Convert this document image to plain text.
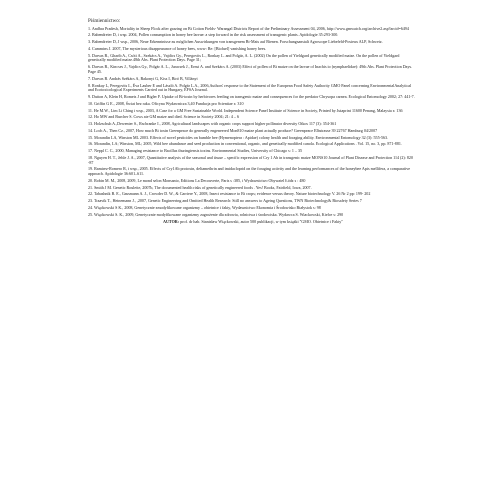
Piśmiennictwo:
1. Andhra Pradesh, Mortality in Sheep Flock after grazing on Bt Cotton Fields- Warangal Districts Report of the Preliminary Assessment 04, 2006, http://www.gmwatch.org/archive2.asp?arcid=6494
2. Babendreier D, i wsp. 2004, Pollen consumption in honey bee larvae: a step forward in the risk assessment of transgenic plants. Apidologie 35:293-300.
3. Babendreier D, J wsp., 2006, Neue Erkenntnisse zu möglichen Auswirkungen von transgenem Bt-Mais auf Bienen. Forschungsanstalt Agroscope Liebefeld-Posieux ALP, Schweiz.
4. Cummins J. 2007, The mysterious disappearance of honey bees, www: Re: [Biofuel] vanishing honey bees.
5. Darvas B., Gharib A., Csóti A., Szekács A., Vajdics Gy., Peregovits L., Ronkay L. and Polgár, A. L. (2002) On the pollen of Yieldgard genetically modified maize. On the pollen of Yieldgard genetically modified maize.48th Abs. Plant Protection Days. Page 31;
6. Darvas B., Kincses J., Vajdics Gy., Polgár A. L., Juracsek J., Ernst A. and Szekács A. (2003) Effect of pollen of Bt maize on the larvae of Inachis io (nymphaelidae): 49th Abs. Plant Protection Days. Page 45.
7. Darvas B. András Székács A, Bakonyi G, Kiss I, Biró B, Villányi
8. Ronkay L, Peregovits L, Éva Lauber E and László A. Polgár L.A., 2006,Authors' response to the Statement of the European Food Safety Authority GMO Panel concerning EnvironmentalAnalytical and Ecotoxicological Experiments Carried out in Hungary, EFSA Journal.
9. Dutton A, Klein H, Romeis J and Bigler F. Uptake of Bt-toxin by herbivores feeding on transgenic maize and consequences for the predator Chrysopa carnea. Ecological Entomology 2002; 27: 441-7.
10. Griffin G E., 2008, Świat bez raka. Oficyna Wydawnicza 3,40 Fundacja pro Scientiae s: 310
11. He M.W., Lim Li Ching i wsp., 2003, A Case for a GM Free Sustainable World. Independent Science Panel Institute of Science in Society, Printed by Jutaprint 11600 Penang, Malaysia s: 136
12. Ho MW and Burcher S. Cows ate GM maize and died. Science in Society 2004; 21: 4 – 6
13. Holzschuh A.,Dewenter S., Rscbranke I., 2008, Agricultural landscapes with organic crops support higher pollinator diversity Oikos 117 (3): 354-361
14. Loch A., Then Cz., 2007, How much Bt toxin Greenpeace do generally engeneered Mon810 maize plant actually produce? Greenpeace Elbstrasse 39 22767 Hamburg 04/2007
15. Morandin LA, Winston ML 2003. Effects of novel pesticides on bumble bee (Hymenoptera : Apidae) colony health and foraging ability. Environmental Entomology 32 (3): 555-563.
16. Morandin, LA; Winston, ML; 2005, Wild bee abundance and seed production in conventional, organic, and genetically modified canola. Ecological Applications . Vol. 15, no. 3, pp. 871-881.
17. Neppl C. C., 2000, Managing resistance to Bacillus thuringiensis toxins. Environmental Studies, University of Chicago s: 1 – 35
18. Nguyen H. T., Jehle J. A., 2007, Quantitative analysis of the seasonal and tissue – specific expression of Cry 1 Ab in transgenic maize MONS10 Journal of Plant Disease and Protection 114 (2): 820 -87
19. Ramirez-Romero R, i wsp., 2005. Effects of Cry1Ab protoxin, deltamethrin and imidacloprid on the foraging activity and the learning performances of the honeybee Apis mellifera, a comparative approach. Apidologie 36:601–611.
20. Robin M. M., 2008, 2009, Le mond selon Monsanto, Editions La Decouverte, Paris s :385, i Wydawnictwo Obywatel Łódz s : 480
21. Smith J M. Genetic Roulette, 2007b, The documented health risks of genetically engineered foods . Yes! Books, Fairfield, Iowa, 2007.
22. Tabashnik B. E., Gassmann A. J., Crowder D. W., & Carriere Y., 2008, Insect resistance to Bt crops; evidence versus theory. Nature biotechnology V. 26 Nr 2 pp: 199- 202
23. Traavik T., Heinemann J., ,2007, Genetic Engineering and Omitted Health Research: Still no answers to Ageing Questions, TWN Biotechnology& Biosafety Series 7
24. Wiąckowski S K., 2008, Genetycznie zmodyfikowane organizmy – obietnice i fakty, Wydawnictwo Ekonomia i Środowisko Białystok s: 98
25. Wiąckowski S. K., 2009, Genetycznie modyfikowane organizmy zagrożenie dla zdrowia, rolnictwa i środowiska. Wydawca S. Wiackowski, Kielce s: 290
AUTOR: prof. dr hab. Stanisław Wiąckowski, autor 500 publikacji, w tym książki "GMO. Obietnice i Fakty"
